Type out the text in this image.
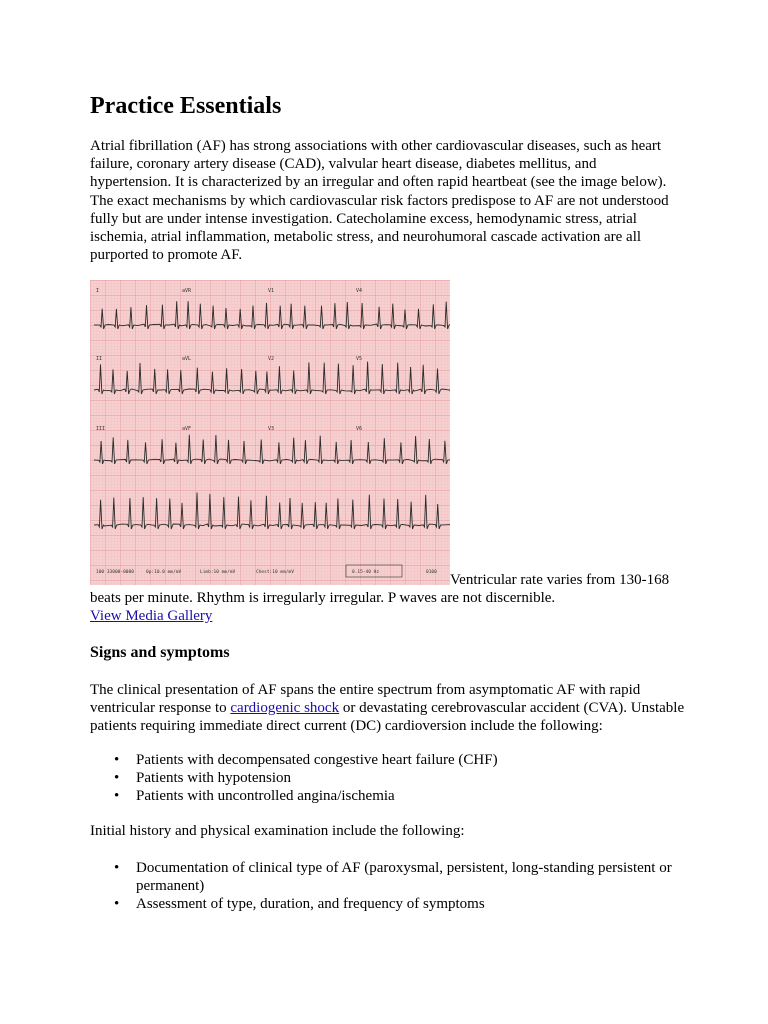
Practice Essentials

Atrial fibrillation (AF) has strong associations with other cardiovascular diseases, such as heart failure, coronary artery disease (CAD), valvular heart disease, diabetes mellitus, and hypertension. It is characterized by an irregular and often rapid heartbeat (see the image below). The exact mechanisms by which cardiovascular risk factors predispose to AF are not understood fully but are under intense investigation. Catecholamine excess, hemodynamic stress, atrial ischemia, atrial inflammation, metabolic stress, and neurohumoral cascade activation are all purported to promote AF.

I	aVR	V1	V4
II	aVL	V2	V5
III	aVF	V3	V6
100 33000-0000	0p:10.0 mm/mV	Limb:10 mm/mV	Chest:10 mm/mV	0.15-40 Hz	0100 Ventricular rate varies from 130-168

beats per minute. Rhythm is irregularly irregular. P waves are not discernible.

View Media Gallery
Signs and symptoms

The clinical presentation of AF spans the entire spectrum from asymptomatic AF with rapid ventricular response to cardiogenic shock or devastating cerebrovascular accident (CVA). Unstable patients requiring immediate direct current (DC) cardioversion include the following:

• Patients with decompensated congestive heart failure (CHF)
• Patients with hypotension
• Patients with uncontrolled angina/ischemia

Initial history and physical examination include the following:

• Documentation of clinical type of AF (paroxysmal, persistent, long-standing persistent or permanent)
• Assessment of type, duration, and frequency of symptoms
